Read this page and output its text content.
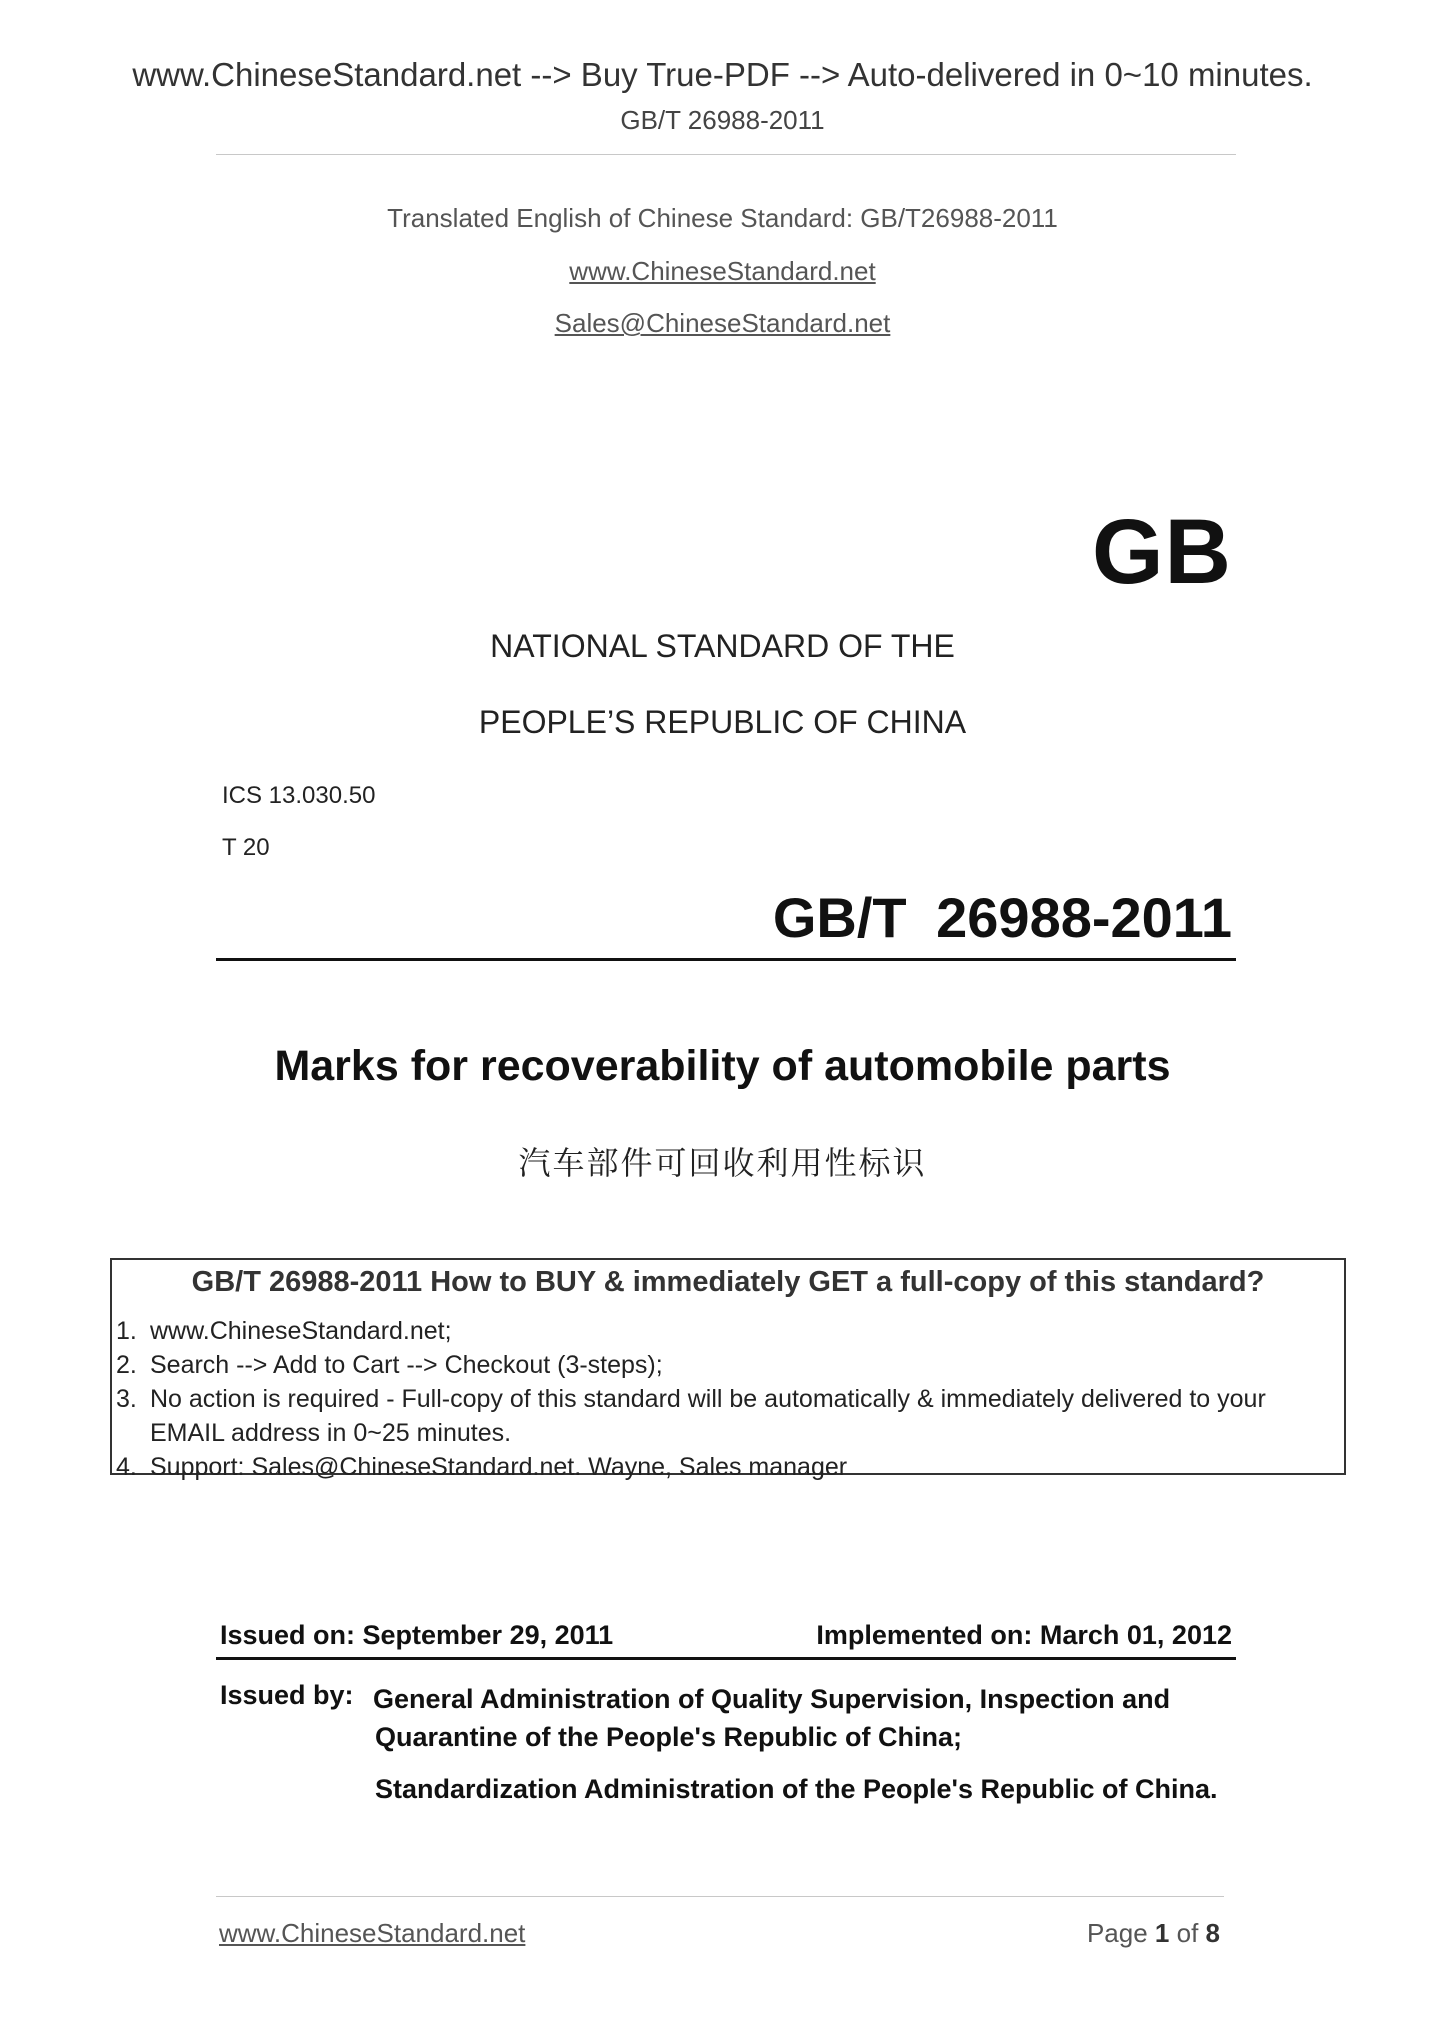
www.ChineseStandard.net --> Buy True-PDF --> Auto-delivered in 0~10 minutes.
GB/T 26988-2011
Translated English of Chinese Standard: GB/T26988-2011
www.ChineseStandard.net
Sales@ChineseStandard.net
GB
NATIONAL STANDARD OF THE
PEOPLE’S REPUBLIC OF CHINA
ICS 13.030.50
T 20
GB/T 26988-2011
Marks for recoverability of automobile parts
汽车部件可回收利用性标识
GB/T 26988-2011 How to BUY & immediately GET a full-copy of this standard?
1. www.ChineseStandard.net;
2. Search --> Add to Cart --> Checkout (3-steps);
3. No action is required - Full-copy of this standard will be automatically & immediately delivered to your EMAIL address in 0~25 minutes.
4. Support: Sales@ChineseStandard.net. Wayne, Sales manager
Issued on: September 29, 2011	Implemented on: March 01, 2012
Issued by: General Administration of Quality Supervision, Inspection and Quarantine of the People's Republic of China;
Standardization Administration of the People's Republic of China.
www.ChineseStandard.net	Page 1 of 8
